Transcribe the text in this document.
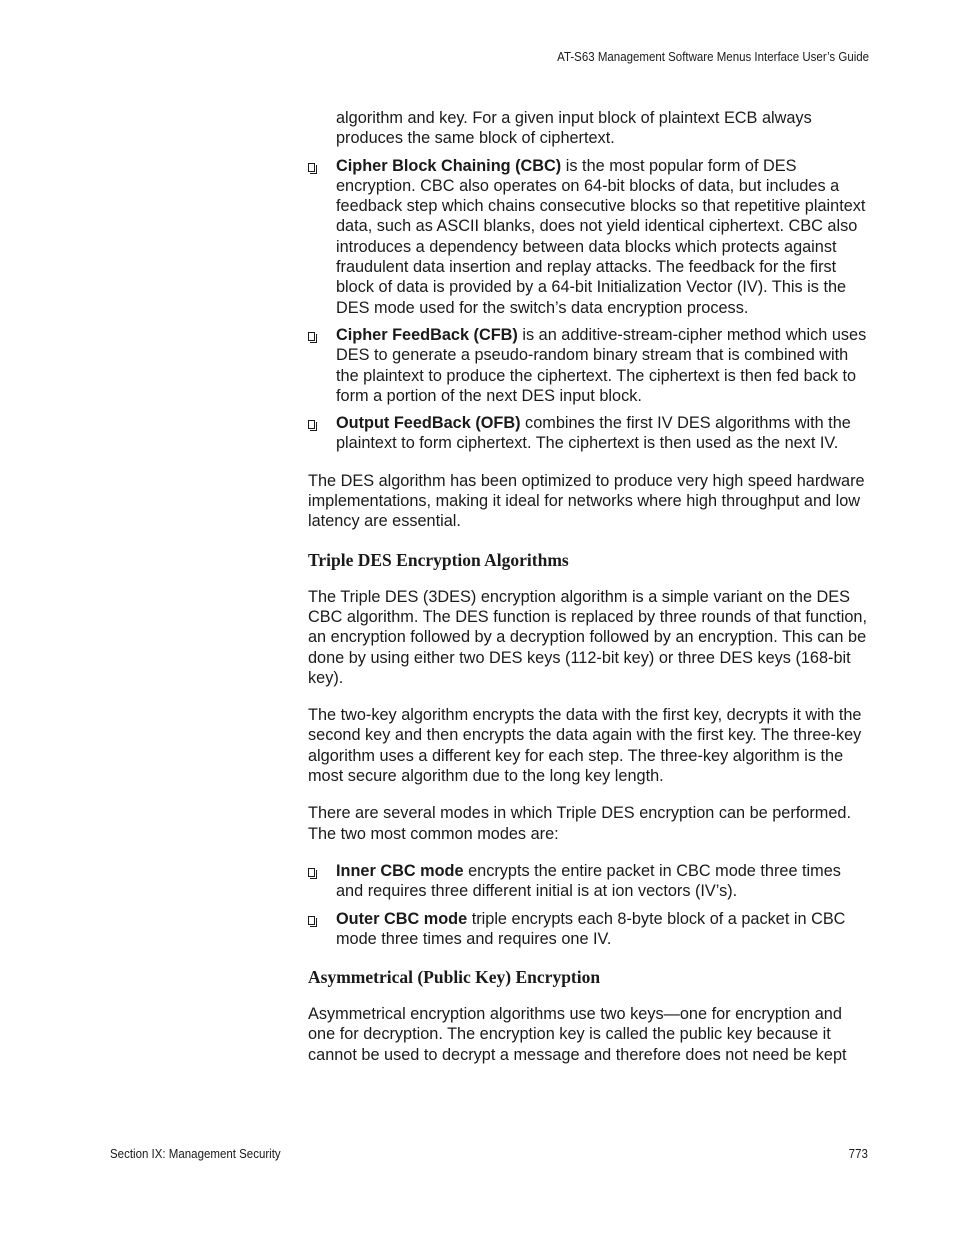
AT-S63 Management Software Menus Interface User’s Guide

algorithm and key. For a given input block of plaintext ECB always produces the same block of ciphertext.

Cipher Block Chaining (CBC) is the most popular form of DES encryption. CBC also operates on 64-bit blocks of data, but includes a feedback step which chains consecutive blocks so that repetitive plaintext data, such as ASCII blanks, does not yield identical ciphertext. CBC also introduces a dependency between data blocks which protects against fraudulent data insertion and replay attacks. The feedback for the first block of data is provided by a 64-bit Initialization Vector (IV). This is the DES mode used for the switch’s data encryption process.
Cipher FeedBack (CFB) is an additive-stream-cipher method which uses DES to generate a pseudo-random binary stream that is combined with the plaintext to produce the ciphertext. The ciphertext is then fed back to form a portion of the next DES input block.
Output FeedBack (OFB) combines the first IV DES algorithms with the plaintext to form ciphertext. The ciphertext is then used as the next IV.

The DES algorithm has been optimized to produce very high speed hardware implementations, making it ideal for networks where high throughput and low latency are essential.

Triple DES Encryption Algorithms

The Triple DES (3DES) encryption algorithm is a simple variant on the DES CBC algorithm. The DES function is replaced by three rounds of that function, an encryption followed by a decryption followed by an encryption. This can be done by using either two DES keys (112-bit key) or three DES keys (168-bit key).

The two-key algorithm encrypts the data with the first key, decrypts it with the second key and then encrypts the data again with the first key. The three-key algorithm uses a different key for each step. The three-key algorithm is the most secure algorithm due to the long key length.

There are several modes in which Triple DES encryption can be performed. The two most common modes are:

Inner CBC mode encrypts the entire packet in CBC mode three times and requires three different initial is at ion vectors (IV’s).
Outer CBC mode triple encrypts each 8-byte block of a packet in CBC mode three times and requires one IV.
Asymmetrical (Public Key) Encryption

Asymmetrical encryption algorithms use two keys—one for encryption and one for decryption. The encryption key is called the public key because it cannot be used to decrypt a message and therefore does not need be kept

Section IX: Management Security	773
